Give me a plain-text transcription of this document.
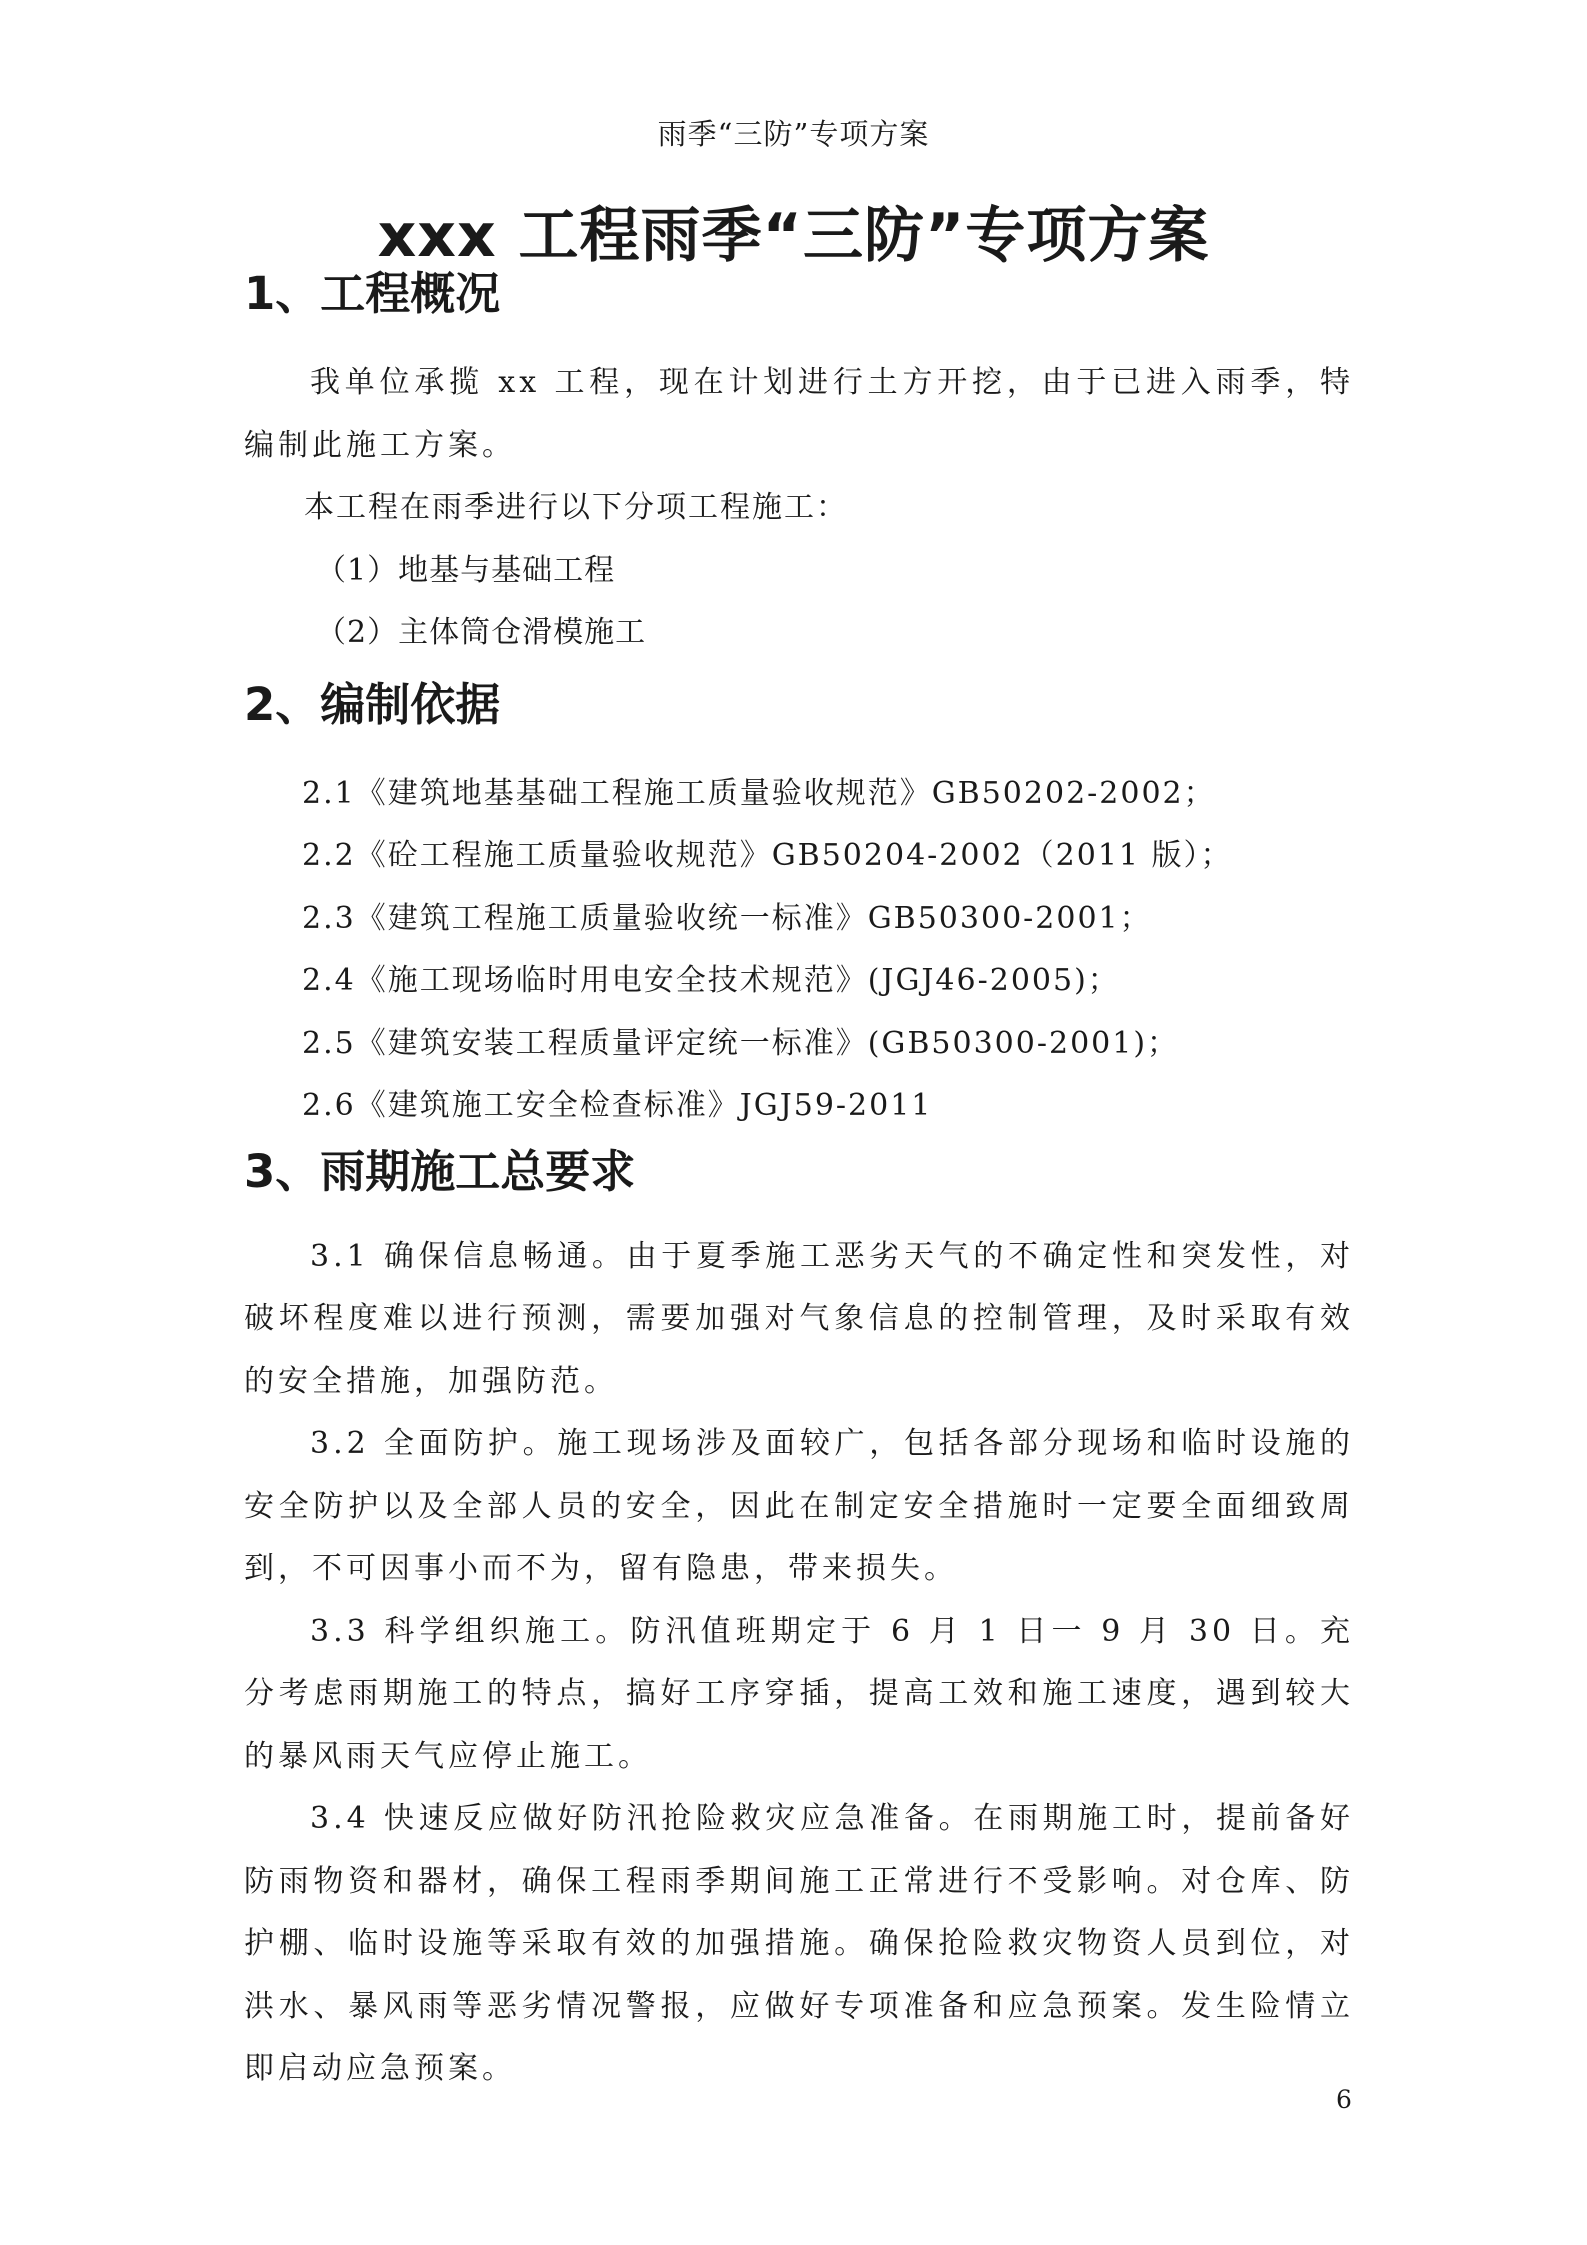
雨季“三防”专项方案
xxx 工程雨季“三防”专项方案
1、工程概况
我单位承揽 xx 工程，现在计划进行土方开挖，由于已进入雨季，特编制此施工方案。
本工程在雨季进行以下分项工程施工：
（1）地基与基础工程
（2）主体筒仓滑模施工
2、编制依据
2.1《建筑地基基础工程施工质量验收规范》GB50202-2002；
2.2《砼工程施工质量验收规范》GB50204-2002（2011 版）；
2.3《建筑工程施工质量验收统一标准》GB50300-2001；
2.4《施工现场临时用电安全技术规范》(JGJ46-2005)；
2.5《建筑安装工程质量评定统一标准》(GB50300-2001)；
2.6《建筑施工安全检查标准》JGJ59-2011
3、雨期施工总要求
3.1 确保信息畅通。由于夏季施工恶劣天气的不确定性和突发性，对破坏程度难以进行预测，需要加强对气象信息的控制管理，及时采取有效的安全措施，加强防范。
3.2 全面防护。施工现场涉及面较广，包括各部分现场和临时设施的安全防护以及全部人员的安全，因此在制定安全措施时一定要全面细致周到，不可因事小而不为，留有隐患，带来损失。
3.3 科学组织施工。防汛值班期定于 6 月 1 日一 9 月 30 日。充分考虑雨期施工的特点，搞好工序穿插，提高工效和施工速度，遇到较大的暴风雨天气应停止施工。
3.4 快速反应做好防汛抢险救灾应急准备。在雨期施工时，提前备好防雨物资和器材，确保工程雨季期间施工正常进行不受影响。对仓库、防护棚、临时设施等采取有效的加强措施。确保抢险救灾物资人员到位，对洪水、暴风雨等恶劣情况警报，应做好专项准备和应急预案。发生险情立即启动应急预案。
6
